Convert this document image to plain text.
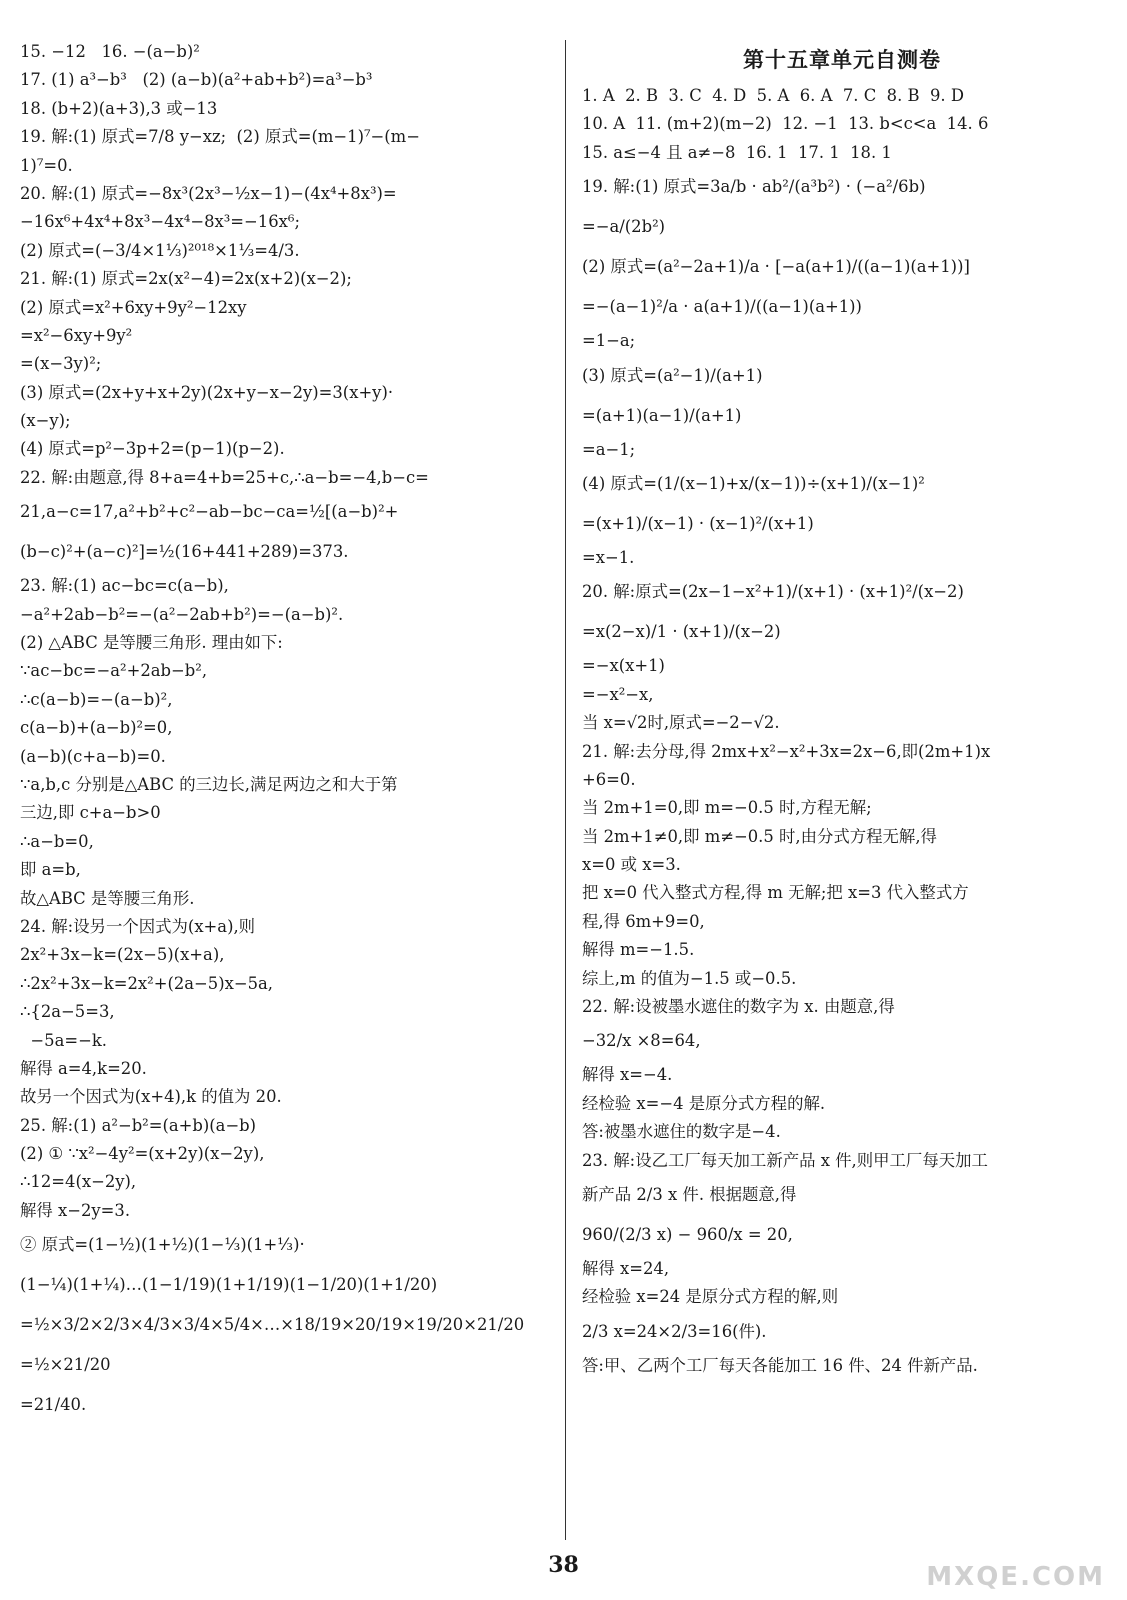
15. −12   16. −(a−b)²
17. (1) a³−b³   (2) (a−b)(a²+ab+b²)=a³−b³
18. (b+2)(a+3),3 或−13
19. 解:(1) 原式=7/8 y−xz;  (2) 原式=(m−1)⁷−(m−
1)⁷=0.
20. 解:(1) 原式=−8x³(2x³−½x−1)−(4x⁴+8x³)=
−16x⁶+4x⁴+8x³−4x⁴−8x³=−16x⁶;
(2) 原式=(−3/4×1⅓)²⁰¹⁸×1⅓=4/3.
21. 解:(1) 原式=2x(x²−4)=2x(x+2)(x−2);
(2) 原式=x²+6xy+9y²−12xy
=x²−6xy+9y²
=(x−3y)²;
(3) 原式=(2x+y+x+2y)(2x+y−x−2y)=3(x+y)·
(x−y);
(4) 原式=p²−3p+2=(p−1)(p−2).
22. 解:由题意,得 8+a=4+b=25+c,∴a−b=−4,b−c=
21,a−c=17,a²+b²+c²−ab−bc−ca=½[(a−b)²+
(b−c)²+(a−c)²]=½(16+441+289)=373.
23. 解:(1) ac−bc=c(a−b),
−a²+2ab−b²=−(a²−2ab+b²)=−(a−b)².
(2) △ABC 是等腰三角形. 理由如下:
∵ac−bc=−a²+2ab−b²,
∴c(a−b)=−(a−b)²,
c(a−b)+(a−b)²=0,
(a−b)(c+a−b)=0.
∵a,b,c 分别是△ABC 的三边长,满足两边之和大于第
三边,即 c+a−b>0
∴a−b=0,
即 a=b,
故△ABC 是等腰三角形.
24. 解:设另一个因式为(x+a),则
2x²+3x−k=(2x−5)(x+a),
∴2x²+3x−k=2x²+(2a−5)x−5a,
∴{2a−5=3,
−5a=−k.
解得 a=4,k=20.
故另一个因式为(x+4),k 的值为 20.
25. 解:(1) a²−b²=(a+b)(a−b)
(2) ① ∵x²−4y²=(x+2y)(x−2y),
∴12=4(x−2y),
解得 x−2y=3.
② 原式=(1−½)(1+½)(1−⅓)(1+⅓)·
(1−¼)(1+¼)…(1−1/19)(1+1/19)(1−1/20)(1+1/20)
=½×3/2×2/3×4/3×3/4×5/4×…×18/19×20/19×19/20×21/20
=½×21/20
=21/40.
第十五章单元自测卷
1. A  2. B  3. C  4. D  5. A  6. A  7. C  8. B  9. D
10. A  11. (m+2)(m−2)  12. −1  13. b<c<a  14. 6
15. a≤−4 且 a≠−8  16. 1  17. 1  18. 1
19. 解:(1) 原式=3a/b · ab²/(a³b²) · (−a²/6b)
=−a/(2b²)
(2) 原式=(a²−2a+1)/a · [−a(a+1)/((a−1)(a+1))]
=−(a−1)²/a · a(a+1)/((a−1)(a+1))
=1−a;
(3) 原式=(a²−1)/(a+1)
=(a+1)(a−1)/(a+1)
=a−1;
(4) 原式=(1/(x−1)+x/(x−1))÷(x+1)/(x−1)²
=(x+1)/(x−1) · (x−1)²/(x+1)
=x−1.
20. 解:原式=(2x−1−x²+1)/(x+1) · (x+1)²/(x−2)
=x(2−x)/1 · (x+1)/(x−2)
=−x(x+1)
=−x²−x,
当 x=√2时,原式=−2−√2.
21. 解:去分母,得 2mx+x²−x²+3x=2x−6,即(2m+1)x
+6=0.
当 2m+1=0,即 m=−0.5 时,方程无解;
当 2m+1≠0,即 m≠−0.5 时,由分式方程无解,得
x=0 或 x=3.
把 x=0 代入整式方程,得 m 无解;把 x=3 代入整式方
程,得 6m+9=0,
解得 m=−1.5.
综上,m 的值为−1.5 或−0.5.
22. 解:设被墨水遮住的数字为 x. 由题意,得
−32/x ×8=64,
解得 x=−4.
经检验 x=−4 是原分式方程的解.
答:被墨水遮住的数字是−4.
23. 解:设乙工厂每天加工新产品 x 件,则甲工厂每天加工
新产品 2/3 x 件. 根据题意,得
960/(2/3 x) − 960/x = 20,
解得 x=24,
经检验 x=24 是原分式方程的解,则
2/3 x=24×2/3=16(件).
答:甲、乙两个工厂每天各能加工 16 件、24 件新产品.
38	MXQE.COM
